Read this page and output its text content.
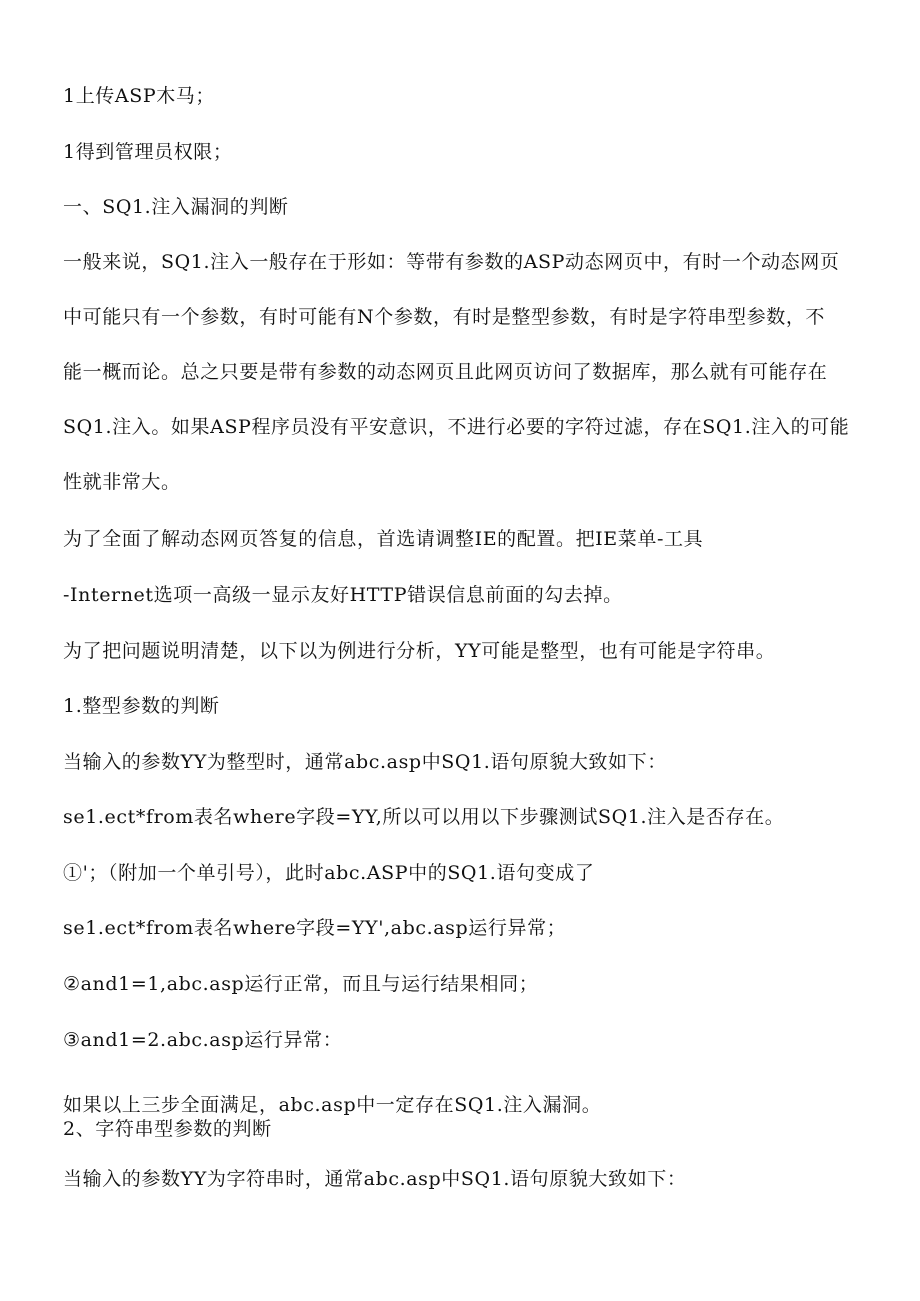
1上传ASP木马；
1得到管理员权限；
一、SQ1.注入漏洞的判断
一般来说，SQ1.注入一般存在于形如：等带有参数的ASP动态网页中，有时一个动态网页
中可能只有一个参数，有时可能有N个参数，有时是整型参数，有时是字符串型参数，不
能一概而论。总之只要是带有参数的动态网页且此网页访问了数据库，那么就有可能存在
SQ1.注入。如果ASP程序员没有平安意识，不进行必要的字符过滤，存在SQ1.注入的可能
性就非常大。
为了全面了解动态网页答复的信息，首选请调整IE的配置。把IE菜单-工具
-Internet选项一高级一显示友好HTTP错误信息前面的勾去掉。
为了把问题说明清楚，以下以为例进行分析，YY可能是整型，也有可能是字符串。
1.整型参数的判断
当输入的参数YY为整型时，通常abc.asp中SQ1.语句原貌大致如下：
se1.ect*from表名where字段=YY,所以可以用以下步骤测试SQ1.注入是否存在。
①'；（附加一个单引号），此时abc.ASP中的SQ1.语句变成了
se1.ect*from表名where字段=YY',abc.asp运行异常；
②and1=1,abc.asp运行正常，而且与运行结果相同；
③and1=2.abc.asp运行异常：
如果以上三步全面满足，abc.asp中一定存在SQ1.注入漏洞。
2、字符串型参数的判断
当输入的参数YY为字符串时，通常abc.asp中SQ1.语句原貌大致如下：
